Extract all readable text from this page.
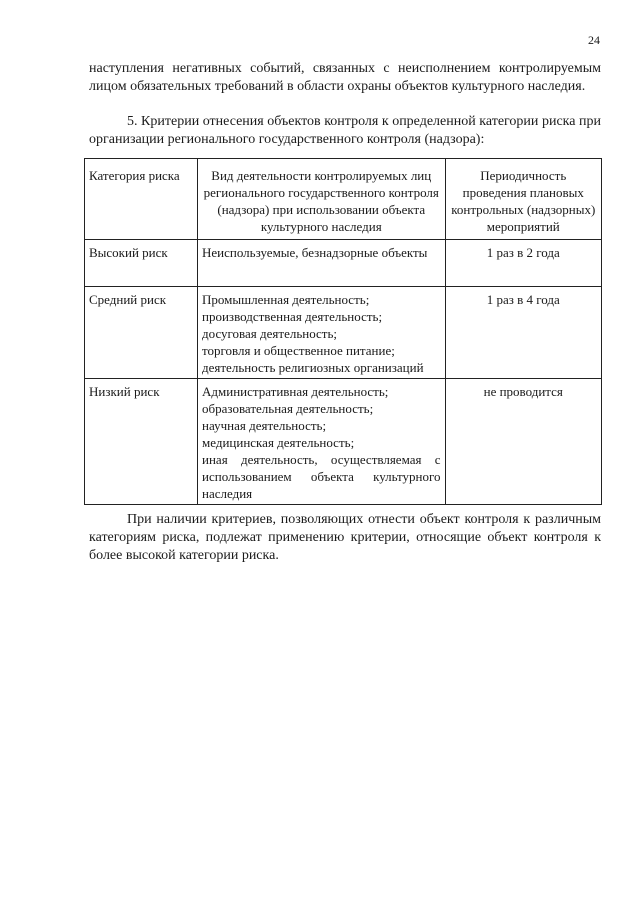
24

наступления негативных событий, связанных с неисполнением контролируемым лицом обязательных требований в области охраны объектов культурного наследия.

5. Критерии отнесения объектов контроля к определенной категории риска при организации регионального государственного контроля (надзора):

Категория риска	Вид деятельности контролируемых лиц регионального государственного контроля (надзора) при использовании объекта культурного наследия	Периодичность проведения плановых контрольных (надзорных) мероприятий
Высокий риск	Неиспользуемые, безнадзорные объекты	1 раз в 2 года
Средний риск	Промышленная деятельность;
производственная деятельность;
досуговая деятельность;
торговля и общественное питание;
деятельность религиозных организаций	1 раз в 4 года
Низкий риск	Административная деятельность;
образовательная деятельность;
научная деятельность;
медицинская деятельность;
иная деятельность, осуществляемая с использованием объекта культурного наследия	не проводится

При наличии критериев, позволяющих отнести объект контроля к различным категориям риска, подлежат применению критерии, относящие объект контроля к более высокой категории риска.
